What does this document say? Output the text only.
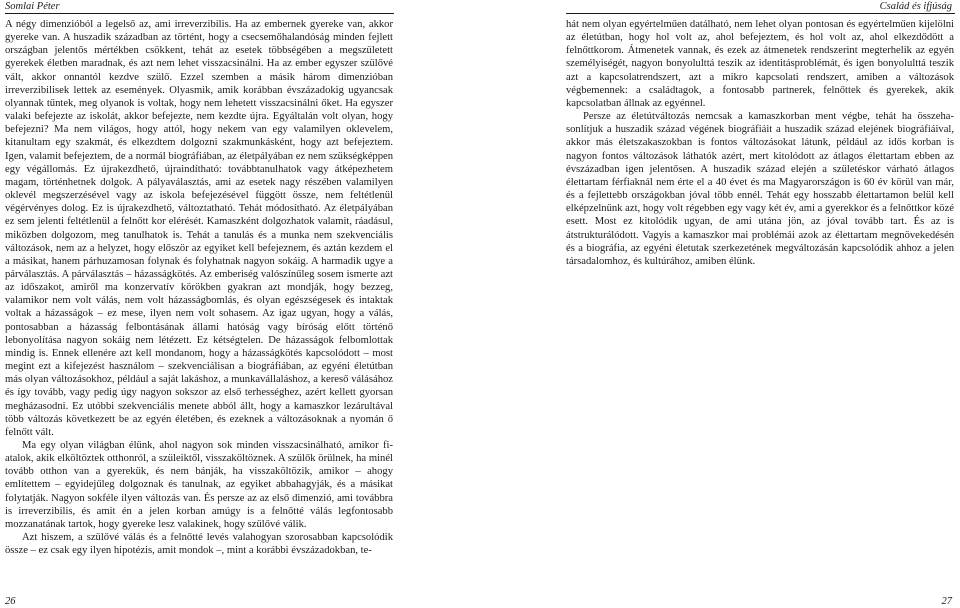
Somlai Péter	Család és ifjúság

A négy dimenzióból a legelső az, ami irreverzibilis. Ha az embernek gyereke van, akkor gyereke van. A huszadik században az történt, hogy a csecsemőhalandóság minden fejlett országban jelentős mértékben csökkent, tehát az esetek többségében a megszületett gyerekek életben maradnak, és azt nem lehet visszacsinálni. Ha az ember egyszer szülővé vált, akkor onnantól kezdve szülő. Ezzel szemben a másik három dimenzióban irreverzibilisek lettek az események. Olyasmik, amik korábban évszázadokig ugyancsak olyannak tűntek, meg olyanok is voltak, hogy nem lehetett visszacsinálni őket. Ha egyszer valaki befejezte az iskolát, akkor befejezte, nem kezdte újra. Egyáltalán volt olyan, hogy befejezni? Ma nem világos, hogy attól, hogy nekem van egy valamilyen oklevelem, kitanultam egy szakmát, és elkezdtem dolgozni szakmunkásként, hogy azt befejeztem. Igen, valamit befejeztem, de a normál biográfiában, az életpályában ez nem szükségképpen egy végállomás. Ez újrakezdhető, újraindítható: továbbtanulhatok vagy átképezhetem magam, történhetnek dolgok. A pályaválasztás, ami az esetek nagy részében valamilyen oklevél megszerzésével vagy az iskola befejezésével függött össze, nem feltétlenül végérvényes dolog. Ez is újrakezdhető, változtatható. Tehát módosítható. Az életpályában ez sem jelenti feltétlenül a felnőtt kor elérését. Kamaszként dolgozhatok valamit, ráadásul, miközben dolgozom, meg tanulhatok is. Tehát a tanulás és a munka nem szekvenciális változások, nem az a helyzet, hogy először az egyiket kell befejeznem, és aztán kezdem el a másikat, hanem párhuzamosan folynak és folyhatnak nagyon sokáig. A harmadik ugye a párválasztás. A párválasztás – házasságkötés. Az emberiség valószínűleg sosem ismerte azt az időszakot, amiről ma konzervatív körökben gyakran azt mondják, hogy bezzeg, valamikor nem volt válás, nem volt házasságbomlás, és olyan egészségesek és intaktak voltak a házasságok – ez mese, ilyen nem volt sohasem. Az igaz ugyan, hogy a válás, pontosabban a házasság felbontásának állami hatóság vagy bíróság előtt történő lebonyolítása nagyon sokáig nem létézett. Ez kétségtelen. De házasságok felbomlottak mindig is. Ennek ellenére azt kell mondanom, hogy a házasságkötés kapcsolódott – most megint ezt a kifejezést használom – szekvenciálisan a biográfiában, az egyéni életútban más olyan változásokhoz, például a saját lakáshoz, a munkavállaláshoz, a kereső válásához és így tovább, vagy pedig úgy nagyon sokszor az első terhességhez, azért kellett gyorsan megházasodni. Ez utóbbi szekvenciális menete abból állt, hogy a kamaszkor lezárultával több változás következett be az egyén életében, és ezeknek a változásoknak a nyomán ő felnőtt vált.

Ma egy olyan világban élünk, ahol nagyon sok minden visszacsinálható, amikor fiatalok, akik elköltöztek otthonról, a szüleiktől, visszaköltöznek. A szülők örülnek, ha minél tovább otthon van a gyerekük, és nem bánják, ha visszaköltözik, amikor – ahogy említettem – egyidejűleg dolgoznak és tanulnak, az egyiket abbahagyják, és a másikat folytatják. Nagyon sokféle ilyen változás van. És persze az az első dimenzió, ami továbbra is irreverzibilis, és amit én a jelen korban amúgy is a felnőtté válás legfontosabb mozzanatának tartok, hogy gyereke lesz valakinek, hogy szülővé válik.

Azt hiszem, a szülővé válás és a felnőtté levés valahogyan szorosabban kapcsolódik össze – ez csak egy ilyen hipotézis, amit mondok –, mint a korábbi évszázadokban, te-

hát nem olyan egyértelműen datálható, nem lehet olyan pontosan és egyértelműen kijelölni az életútban, hogy hol volt az, ahol befejeztem, és hol volt az, ahol elkezdődött a felnőttkorom. Átmenetek vannak, és ezek az átmenetek rendszerint megterhelik az egyén személyiségét, nagyon bonyolulttá teszik az identitásproblémát, és igen bonyolulttá teszik azt a kapcsolatrendszert, azt a mikro kapcsolati rendszert, amiben a változások végbemennek: a családtagok, a fontosabb partnerek, felnőttek és gyerekek, akik kapcsolatban állnak az egyénnel.

Persze az életútváltozás nemcsak a kamaszkorban ment végbe, tehát ha összehasonlítjuk a huszadik század végének biográfiáit a huszadik század elejének biográfiáival, akkor más életszakaszokban is fontos változásokat látunk, például az idős korban is nagyon fontos változások láthatók azért, mert kitolódott az átlagos élettartam ebben az évszázadban igen jelentősen. A huszadik század elején a születéskor várható átlagos élettartam férfiaknál nem érte el a 40 évet és ma Magyarországon is 60 év körül van már, és a fejlettebb országokban jóval több ennél. Tehát egy hosszabb élettartamon belül kell elképzelnünk azt, hogy volt régebben egy vagy két év, ami a gyerekkor és a felnőttkor közé esett. Most ez kitolódik ugyan, de ami utána jön, az jóval tovább tart. És az is átstrukturálódott. Vagyis a kamaszkor mai problémái azok az élettartam megnövekedésén és a biográfia, az egyéni életutak szerkezetének megváltozásán kapcsolódik ahhoz a jelen társadalomhoz, és kultúrához, amiben élünk.

26	27
